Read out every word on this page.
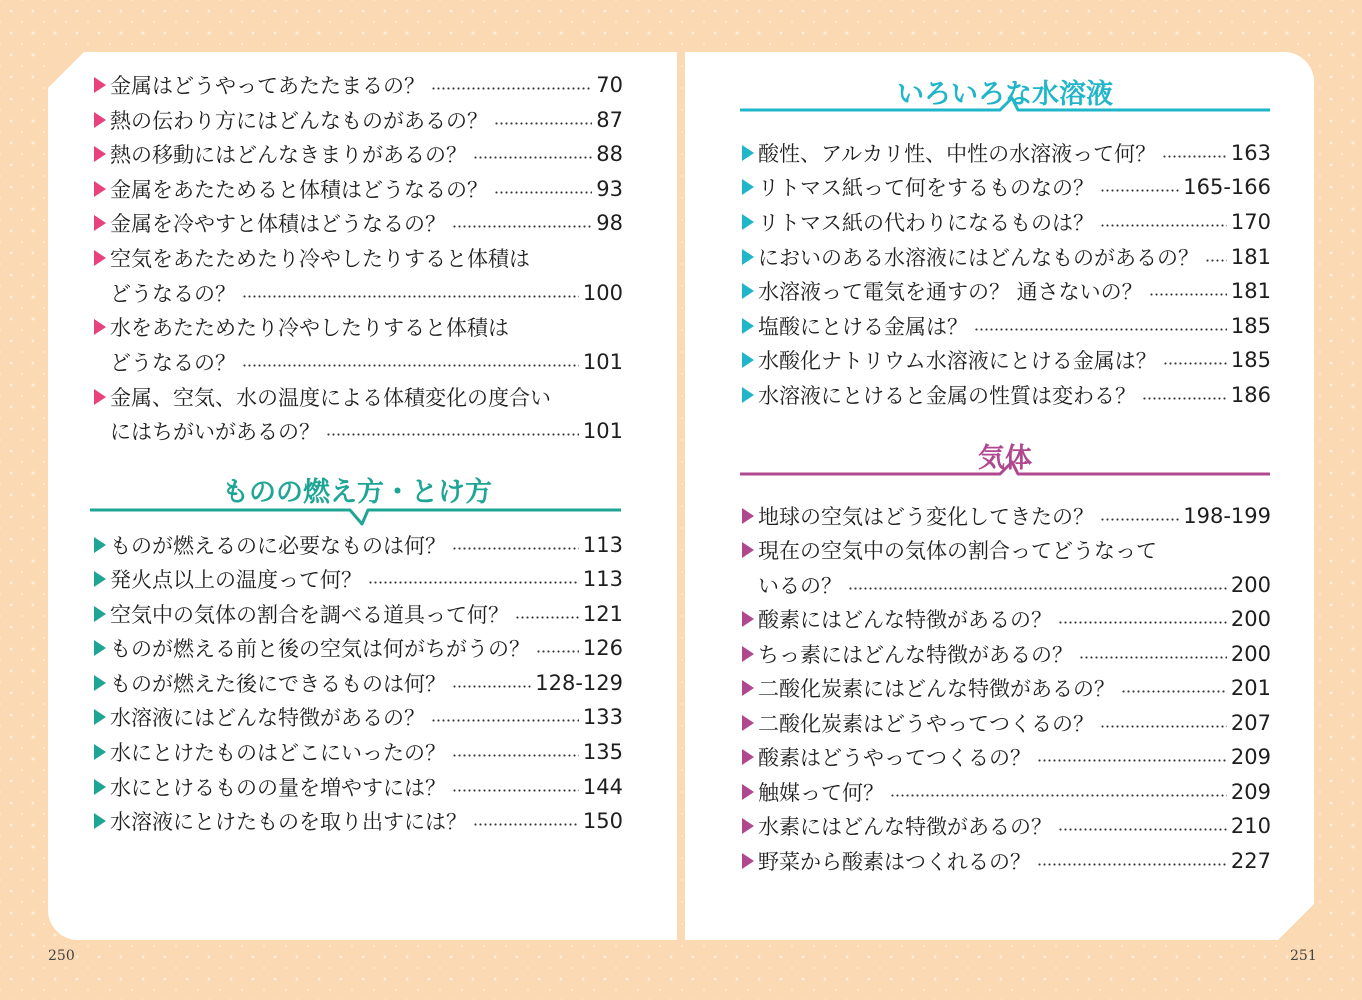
金属はどうやってあたたまるの？	70
熱の伝わり方にはどんなものがあるの？	87
熱の移動にはどんなきまりがあるの？	88
金属をあたためると体積はどうなるの？	93
金属を冷やすと体積はどうなるの？	98
空気をあたためたり冷やしたりすると体積は
どうなるの？	100
水をあたためたり冷やしたりすると体積は
どうなるの？	101
金属、空気、水の温度による体積変化の度合い
にはちがいがあるの？	101
ものの燃え方・とけ方
ものが燃えるのに必要なものは何？	113
発火点以上の温度って何？	113
空気中の気体の割合を調べる道具って何？	121
ものが燃える前と後の空気は何がちがうの？	126
ものが燃えた後にできるものは何？	128-129
水溶液にはどんな特徴があるの？	133
水にとけたものはどこにいったの？	135
水にとけるものの量を増やすには？	144
水溶液にとけたものを取り出すには？	150
いろいろな水溶液
酸性、アルカリ性、中性の水溶液って何？	163
リトマス紙って何をするものなの？	165-166
リトマス紙の代わりになるものは？	170
においのある水溶液にはどんなものがあるの？ 181
水溶液って電気を通すの？ 通さないの？	181
塩酸にとける金属は？	185
水酸化ナトリウム水溶液にとける金属は？	185
水溶液にとけると金属の性質は変わる？	186
気体
地球の空気はどう変化してきたの？	198-199
現在の空気中の気体の割合ってどうなって
いるの？	200
酸素にはどんな特徴があるの？	200
ちっ素にはどんな特徴があるの？	200
二酸化炭素にはどんな特徴があるの？	201
二酸化炭素はどうやってつくるの？	207
酸素はどうやってつくるの？	209
触媒って何？	209
水素にはどんな特徴があるの？	210
野菜から酸素はつくれるの？	227
250	251
